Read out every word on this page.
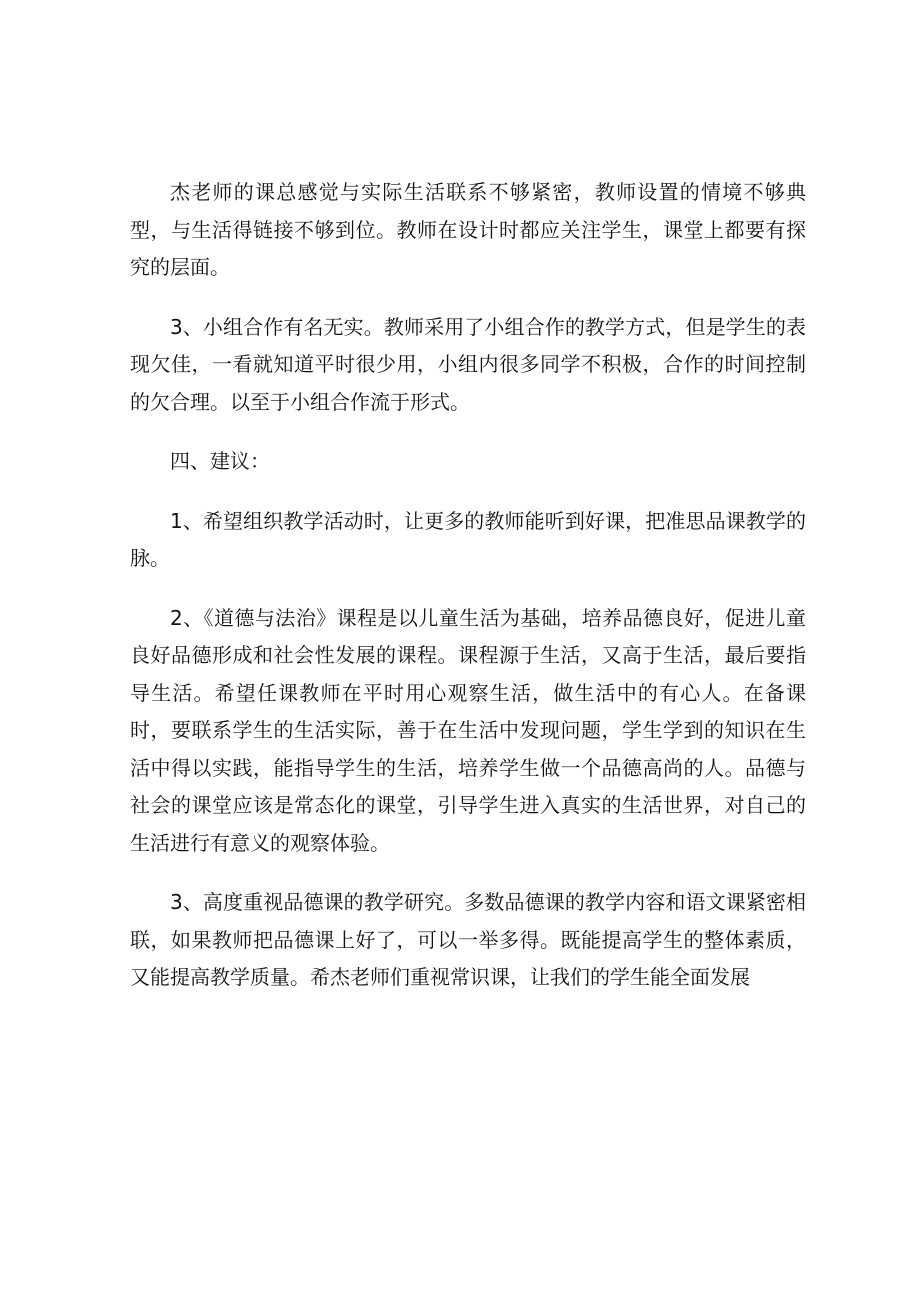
杰老师的课总感觉与实际生活联系不够紧密，教师设置的情境不够典型，与生活得链接不够到位。教师在设计时都应关注学生，课堂上都要有探究的层面。

3、小组合作有名无实。教师采用了小组合作的教学方式，但是学生的表现欠佳，一看就知道平时很少用，小组内很多同学不积极，合作的时间控制的欠合理。以至于小组合作流于形式。

四、建议：

1、希望组织教学活动时，让更多的教师能听到好课，把准思品课教学的脉。

2、《道德与法治》课程是以儿童生活为基础，培养品德良好，促进儿童良好品德形成和社会性发展的课程。课程源于生活，又高于生活，最后要指导生活。希望任课教师在平时用心观察生活，做生活中的有心人。在备课时，要联系学生的生活实际，善于在生活中发现问题，学生学到的知识在生活中得以实践，能指导学生的生活，培养学生做一个品德高尚的人。品德与社会的课堂应该是常态化的课堂，引导学生进入真实的生活世界，对自己的生活进行有意义的观察体验。

3、高度重视品德课的教学研究。多数品德课的教学内容和语文课紧密相联，如果教师把品德课上好了，可以一举多得。既能提高学生的整体素质，又能提高教学质量。希杰老师们重视常识课，让我们的学生能全面发展
